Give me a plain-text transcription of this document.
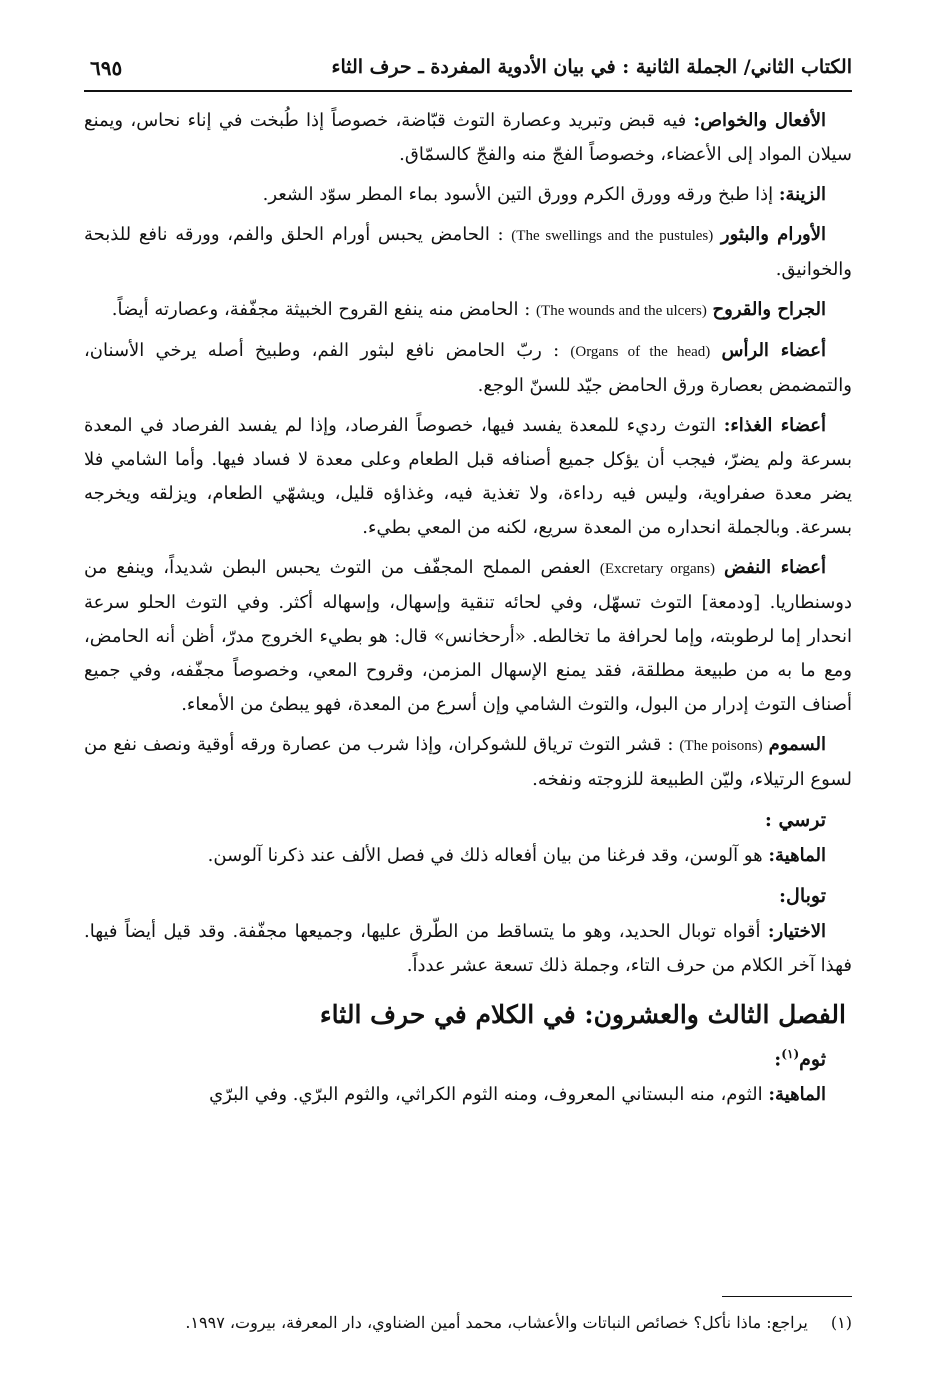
الكتاب الثاني/ الجملة الثانية : في بيان الأدوية المفردة ـ حرف الثاء
٦٩٥

الأفعال والخواص: فيه قبض وتبريد وعصارة التوث قبّاضة، خصوصاً إذا طُبخت في إناء نحاس، ويمنع سيلان المواد إلى الأعضاء، وخصوصاً الفجّ منه والفجّ كالسمّاق.

الزينة: إذا طبخ ورقه وورق الكرم وورق التين الأسود بماء المطر سوّد الشعر.

الأورام والبثور (The swellings and the pustules) : الحامض يحبس أورام الحلق والفم، وورقه نافع للذبحة والخوانيق.

الجراح والقروح (The wounds and the ulcers) : الحامض منه ينفع القروح الخبيثة مجفّفة، وعصارته أيضاً.

أعضاء الرأس (Organs of the head) : ربّ الحامض نافع لبثور الفم، وطبيخ أصله يرخي الأسنان، والتمضمض بعصارة ورق الحامض جيّد للسنّ الوجع.

أعضاء الغذاء: التوث رديء للمعدة يفسد فيها، خصوصاً الفرصاد، وإذا لم يفسد الفرصاد في المعدة بسرعة ولم يضرّ، فيجب أن يؤكل جميع أصنافه قبل الطعام وعلى معدة لا فساد فيها. وأما الشامي فلا يضر معدة صفراوية، وليس فيه رداءة، ولا تغذية فيه، وغذاؤه قليل، ويشهّي الطعام، ويزلقه ويخرجه بسرعة. وبالجملة انحداره من المعدة سريع، لكنه من المعي بطيء.

أعضاء النفض (Excretary organs) العفص المملح المجفّف من التوث يحبس البطن شديداً، وينفع من دوسنطاريا. [ودمعة] التوث تسهّل، وفي لحائه تنقية وإسهال، وإسهاله أكثر. وفي التوث الحلو سرعة انحدار إما لرطوبته، وإما لحرافة ما تخالطه. «أرحخانس» قال: هو بطيء الخروج مدرّ، أظن أنه الحامض، ومع ما به من طبيعة مطلقة، فقد يمنع الإسهال المزمن، وقروح المعي، وخصوصاً مجفّفه، وفي جميع أصناف التوث إدرار من البول، والتوث الشامي وإن أسرع من المعدة، فهو يبطئ من الأمعاء.

السموم (The poisons) : قشر التوث ترياق للشوكران، وإذا شرب من عصارة ورقه أوقية ونصف نفع من لسوع الرتيلاء، وليّن الطبيعة للزوجته ونفخه.

ترسي :

الماهية: هو آلوسن، وقد فرغنا من بيان أفعاله ذلك في فصل الألف عند ذكرنا آلوسن.

توبال:

الاختيار: أقواه توبال الحديد، وهو ما يتساقط من الطّرق عليها، وجميعها مجفّفة. وقد قيل أيضاً فيها. فهذا آخر الكلام من حرف التاء، وجملة ذلك تسعة عشر عدداً.

الفصل الثالث والعشرون: في الكلام في حرف الثاء
ثوم$^{(١)}$:

الماهية: الثوم، منه البستاني المعروف، ومنه الثوم الكراثي، والثوم البرّي. وفي البرّي

(١) يراجع: ماذا نأكل؟ خصائص النباتات والأعشاب، محمد أمين الضناوي، دار المعرفة، بيروت، ١٩٩٧.
